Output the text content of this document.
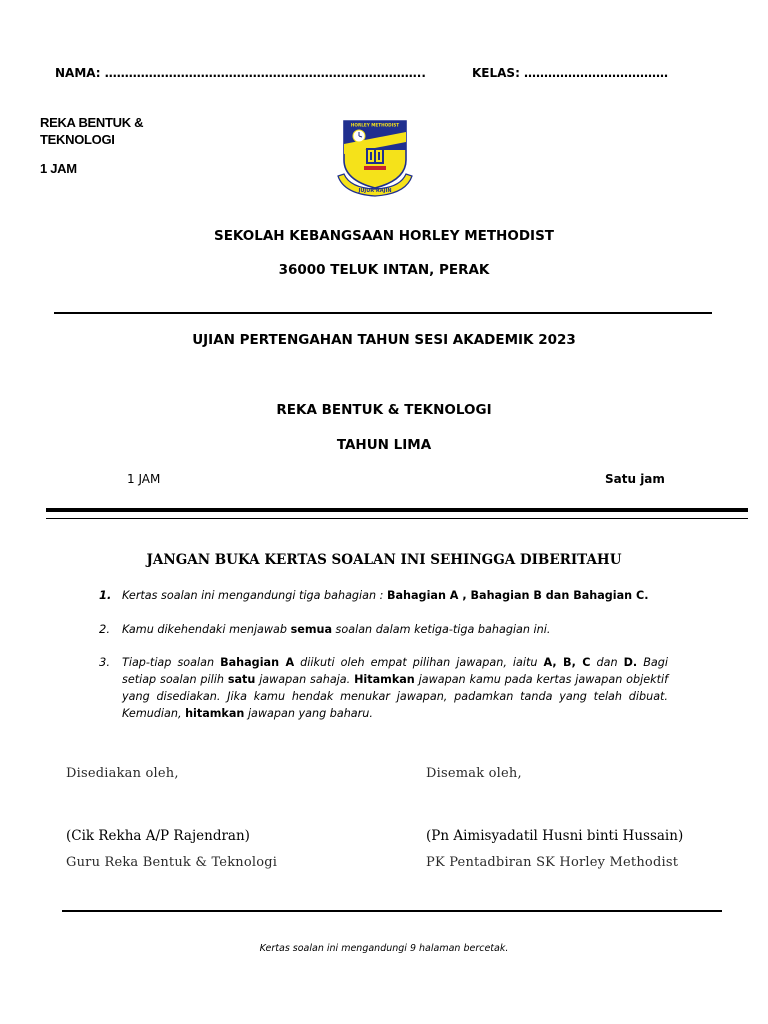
NAMA: ……………………………………………………………………..	KELAS: ………………………………
REKA BENTUK &
TEKNOLOGI
1 JAM
JUJUR RAJIN
HORLEY METHODIST
SEKOLAH KEBANGSAAN HORLEY METHODIST
36000 TELUK INTAN, PERAK
UJIAN PERTENGAHAN TAHUN SESI AKADEMIK 2023
REKA BENTUK & TEKNOLOGI
TAHUN LIMA
1 JAM	Satu jam
JANGAN BUKA KERTAS SOALAN INI SEHINGGA DIBERITAHU
1. Kertas soalan ini mengandungi tiga bahagian : Bahagian A , Bahagian B dan Bahagian C.
2. Kamu dikehendaki menjawab semua soalan dalam ketiga-tiga bahagian ini.
3. Tiap-tiap soalan Bahagian A diikuti oleh empat pilihan jawapan, iaitu A, B, C dan D. Bagi setiap soalan pilih satu jawapan sahaja. Hitamkan jawapan kamu pada kertas jawapan objektif yang disediakan. Jika kamu hendak menukar jawapan, padamkan tanda yang telah dibuat. Kemudian, hitamkan jawapan yang baharu.
Disediakan oleh,	Disemak oleh,
(Cik Rekha A/P Rajendran)	(Pn Aimisyadatil Husni binti Hussain)
Guru Reka Bentuk & Teknologi	PK Pentadbiran SK Horley Methodist
Kertas soalan ini mengandungi 9 halaman bercetak.
